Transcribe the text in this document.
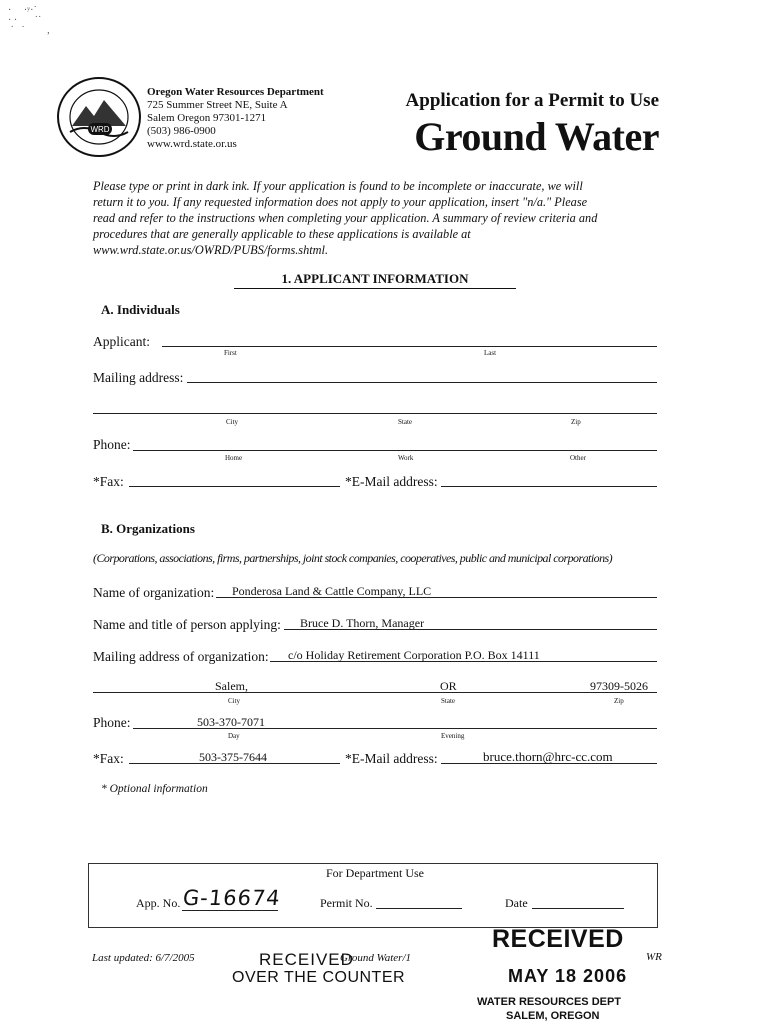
·     ·ʸ·˙
· ·       ˙˙
˙   ˙         ,
WRD
Oregon Water Resources Department
725 Summer Street NE, Suite A
Salem Oregon 97301-1271
(503) 986-0900
www.wrd.state.or.us
Application for a Permit to Use
Ground Water
Please type or print in dark ink. If your application is found to be incomplete or inaccurate, we will
return it to you. If any requested information does not apply to your application, insert "n/a." Please
read and refer to the instructions when completing your application. A summary of review criteria and
procedures that are generally applicable to these applications is available at
www.wrd.state.or.us/OWRD/PUBS/forms.shtml.
1. APPLICANT INFORMATION
A. Individuals
Applicant:
First	Last
Mailing address:
City	State	Zip
Phone:
Home	Work	Other
*Fax:	*E-Mail address:
B. Organizations
(Corporations, associations, firms, partnerships, joint stock companies, cooperatives, public and municipal corporations)
Name of organization: Ponderosa Land & Cattle Company, LLC
Name and title of person applying: Bruce D. Thorn, Manager
Mailing address of organization: c/o Holiday Retirement Corporation P.O. Box 14111
Salem,	OR	97309-5026
City	State	Zip
Phone:	503-370-7071
Day	Evening
*Fax:	503-375-7644	*E-Mail address:	bruce.thorn@hrc-cc.com
* Optional information
For Department Use
App. No. G-16674	Permit No.	Date
Last updated: 6/7/2005	Ground Water/1	WR
RECEIVED
OVER THE COUNTER
RECEIVED
MAY 18 2006
WATER RESOURCES DEPT
SALEM, OREGON
